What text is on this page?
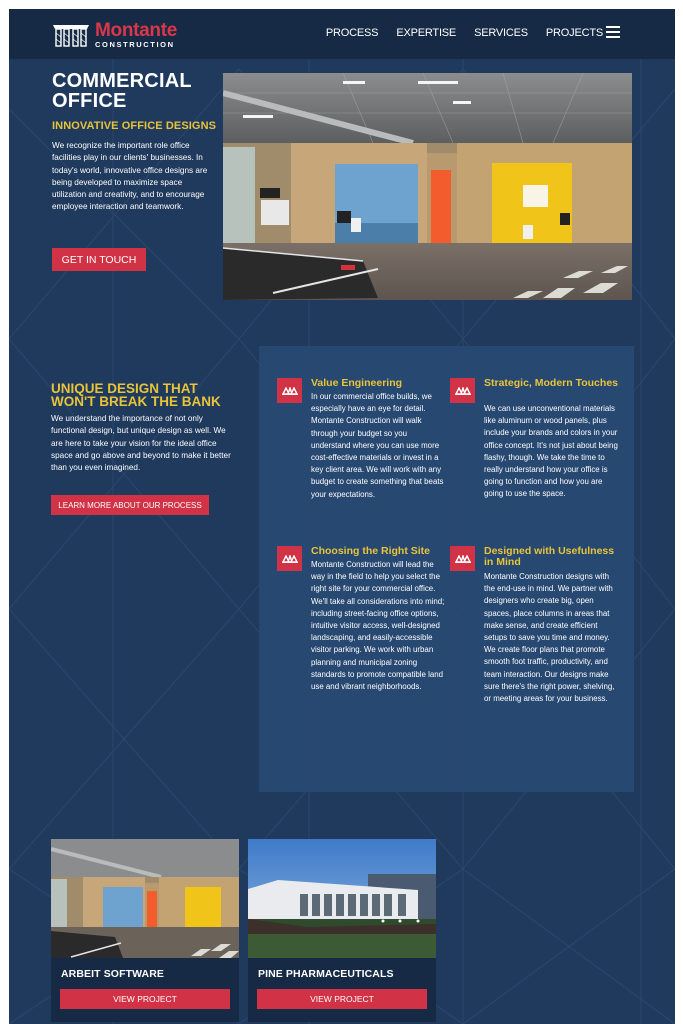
Montante
CONSTRUCTION
PROCESS EXPERTISE SERVICES PROJECTS
COMMERCIAL OFFICE
INNOVATIVE OFFICE DESIGNS

We recognize the important role office facilities play in our clients' businesses. In today's world, innovative office designs are being developed to maximize space utilization and creativity, and to encourage employee interaction and teamwork.

GET IN TOUCH
UNIQUE DESIGN THAT WON'T BREAK THE BANK

We understand the importance of not only functional design, but unique design as well. We are here to take your vision for the ideal office space and go above and beyond to make it better than you even imagined.

LEARN MORE ABOUT OUR PROCESS
Value Engineering
In our commercial office builds, we especially have an eye for detail. Montante Construction will walk through your budget so you understand where you can use more cost-effective materials or invest in a key client area. We will work with any budget to create something that beats your expectations.
Strategic, Modern Touches
We can use unconventional materials like aluminum or wood panels, plus include your brands and colors in your office concept. It's not just about being flashy, though. We take the time to really understand how your office is going to function and how you are going to use the space.
Choosing the Right Site
Montante Construction will lead the way in the field to help you select the right site for your commercial office. We'll take all considerations into mind; including street-facing office options, intuitive visitor access, well-designed landscaping, and easily-accessible visitor parking. We work with urban planning and municipal zoning standards to promote compatible land use and vibrant neighborhoods.
Designed with Usefulness in Mind
Montante Construction designs with the end-use in mind. We partner with designers who create big, open spaces, place columns in areas that make sense, and create efficient setups to save you time and money. We create floor plans that promote smooth foot traffic, productivity, and team interaction. Our designs make sure there's the right power, shelving, or meeting areas for your business.
ARBEIT SOFTWARE
VIEW PROJECT
PINE PHARMACEUTICALS
VIEW PROJECT
